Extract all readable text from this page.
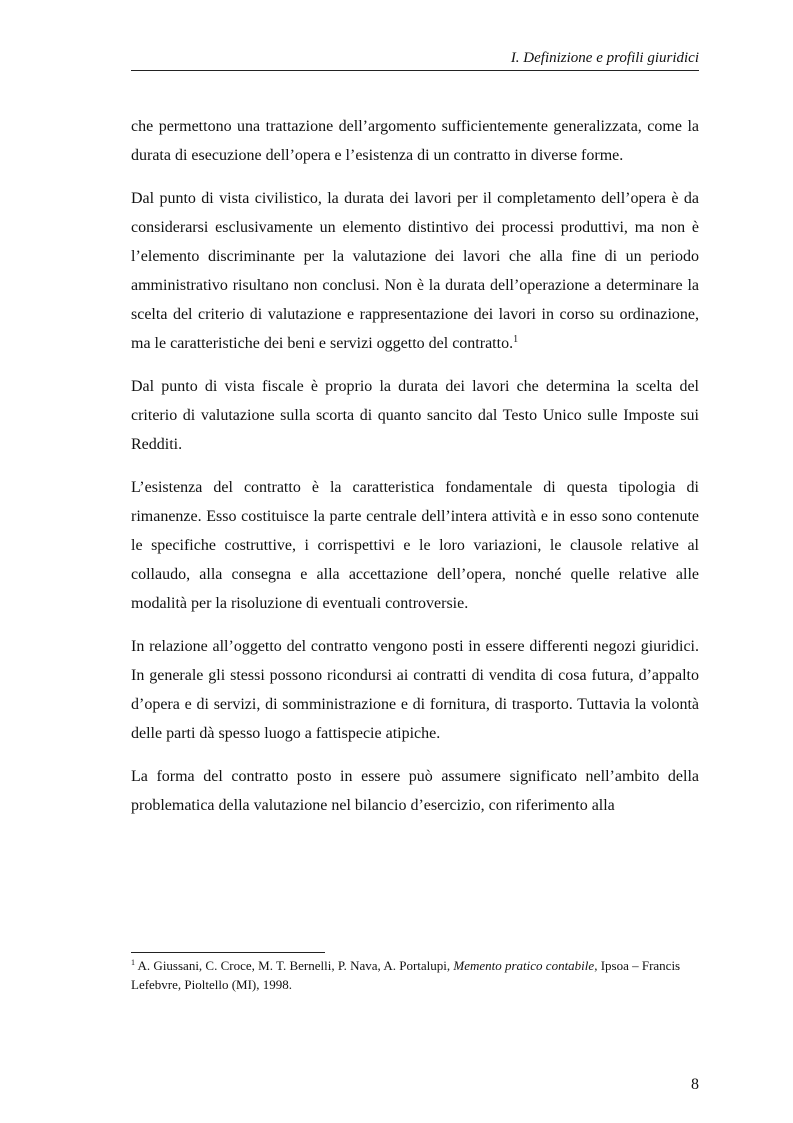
I. Definizione e profili giuridici

che permettono una trattazione dell’argomento sufficientemente generalizzata, come la durata di esecuzione dell’opera e l’esistenza di un contratto in diverse forme.

Dal punto di vista civilistico, la durata dei lavori per il completamento dell’opera è da considerarsi esclusivamente un elemento distintivo dei processi produttivi, ma non è l’elemento discriminante per la valutazione dei lavori che alla fine di un periodo amministrativo risultano non conclusi. Non è la durata dell’operazione a determinare la scelta del criterio di valutazione e rappresentazione dei lavori in corso su ordinazione, ma le caratteristiche dei beni e servizi oggetto del contratto.$^1$

Dal punto di vista fiscale è proprio la durata dei lavori che determina la scelta del criterio di valutazione sulla scorta di quanto sancito dal Testo Unico sulle Imposte sui Redditi.

L’esistenza del contratto è la caratteristica fondamentale di questa tipologia di rimanenze. Esso costituisce la parte centrale dell’intera attività e in esso sono contenute le specifiche costruttive, i corrispettivi e le loro variazioni, le clausole relative al collaudo, alla consegna e alla accettazione dell’opera, nonché quelle relative alle modalità per la risoluzione di eventuali controversie.

In relazione all’oggetto del contratto vengono posti in essere differenti negozi giuridici. In generale gli stessi possono ricondursi ai contratti di vendita di cosa futura, d’appalto d’opera e di servizi, di somministrazione e di fornitura, di trasporto. Tuttavia la volontà delle parti dà spesso luogo a fattispecie atipiche.

La forma del contratto posto in essere può assumere significato nell’ambito della problematica della valutazione nel bilancio d’esercizio, con riferimento alla

$^1$ A. Giussani, C. Croce, M. T. Bernelli, P. Nava, A. Portalupi, Memento pratico contabile, Ipsoa – Francis Lefebvre, Pioltello (MI), 1998.
8
